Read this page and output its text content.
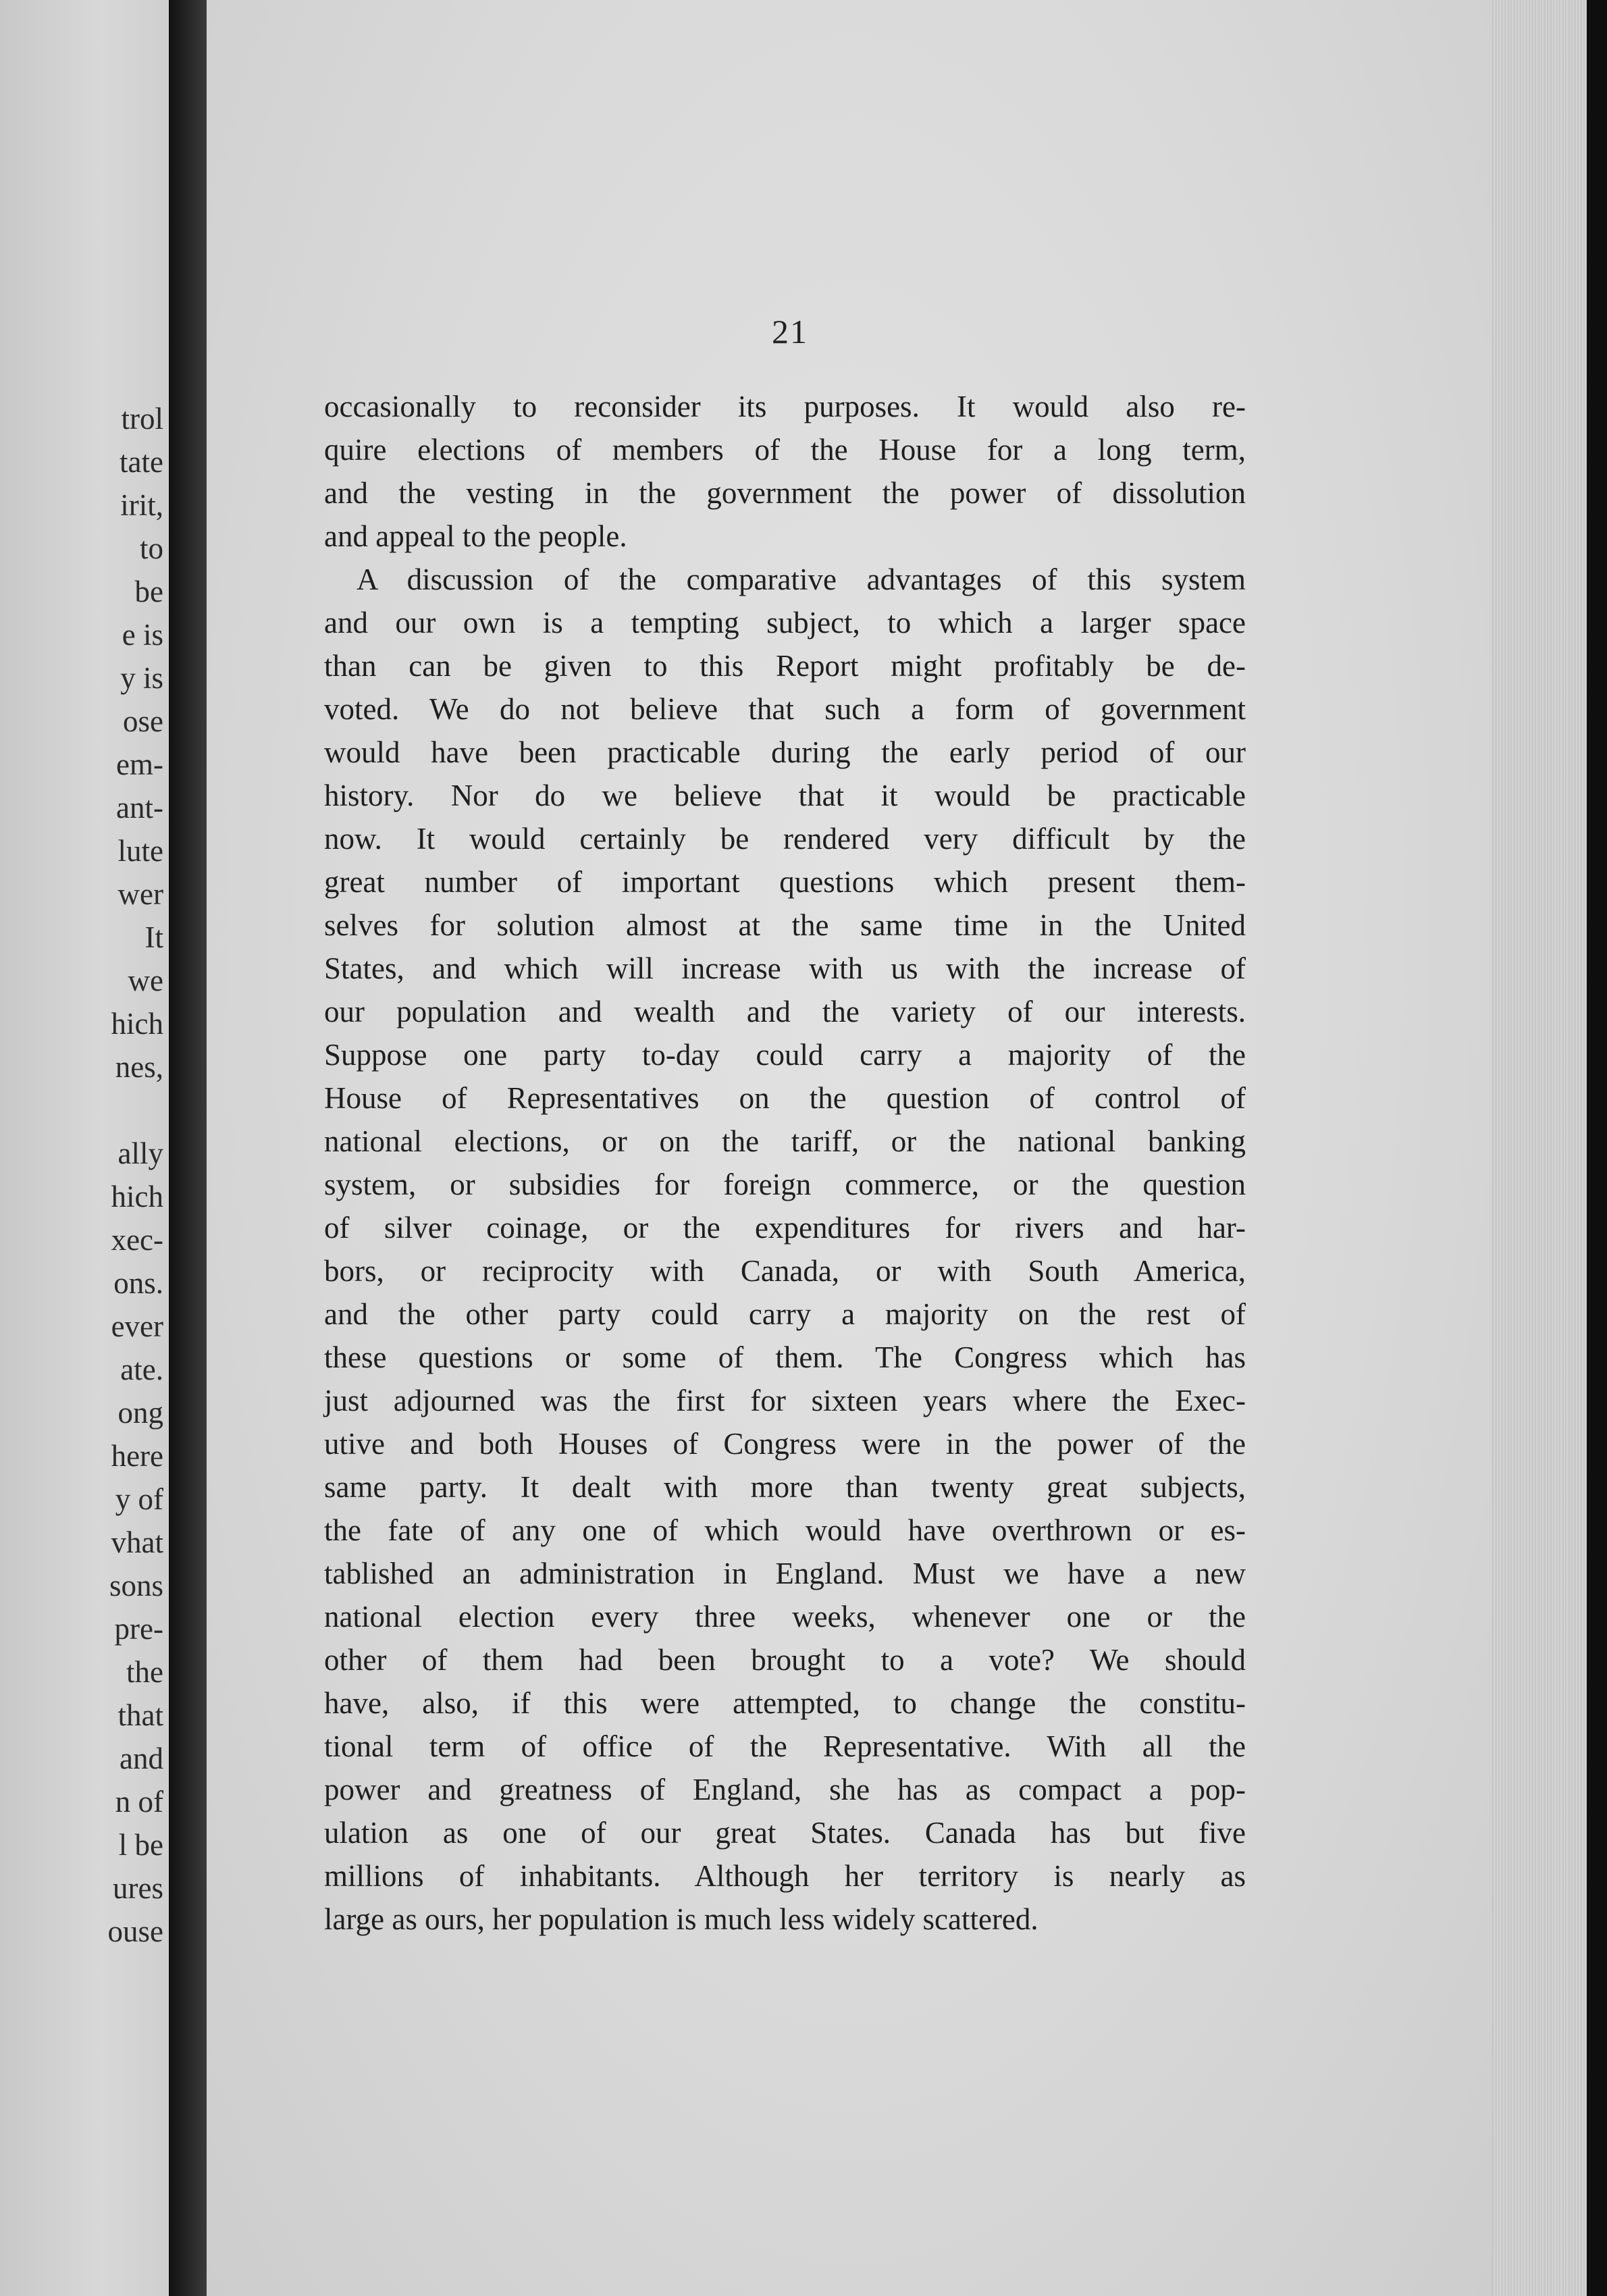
trol
tate
irit,
to
be
e is
y is
ose
em-
ant-
lute
wer
It
we
hich
nes,
ally
hich
xec-
ons.
ever
ate.
ong
here
y of
vhat
sons
pre-
the
that
and
n of
l be
ures
ouse
21
occasionally to reconsider its purposes. It would also re-
quire elections of members of the House for a long term,
and the vesting in the government the power of dissolution
and appeal to the people.
A discussion of the comparative advantages of this system
and our own is a tempting subject, to which a larger space
than can be given to this Report might profitably be de-
voted. We do not believe that such a form of government
would have been practicable during the early period of our
history. Nor do we believe that it would be practicable
now. It would certainly be rendered very difficult by the
great number of important questions which present them-
selves for solution almost at the same time in the United
States, and which will increase with us with the increase of
our population and wealth and the variety of our interests.
Suppose one party to-day could carry a majority of the
House of Representatives on the question of control of
national elections, or on the tariff, or the national banking
system, or subsidies for foreign commerce, or the question
of silver coinage, or the expenditures for rivers and har-
bors, or reciprocity with Canada, or with South America,
and the other party could carry a majority on the rest of
these questions or some of them. The Congress which has
just adjourned was the first for sixteen years where the Exec-
utive and both Houses of Congress were in the power of the
same party. It dealt with more than twenty great subjects,
the fate of any one of which would have overthrown or es-
tablished an administration in England. Must we have a new
national election every three weeks, whenever one or the
other of them had been brought to a vote? We should
have, also, if this were attempted, to change the constitu-
tional term of office of the Representative. With all the
power and greatness of England, she has as compact a pop-
ulation as one of our great States. Canada has but five
millions of inhabitants. Although her territory is nearly as
large as ours, her population is much less widely scattered.
